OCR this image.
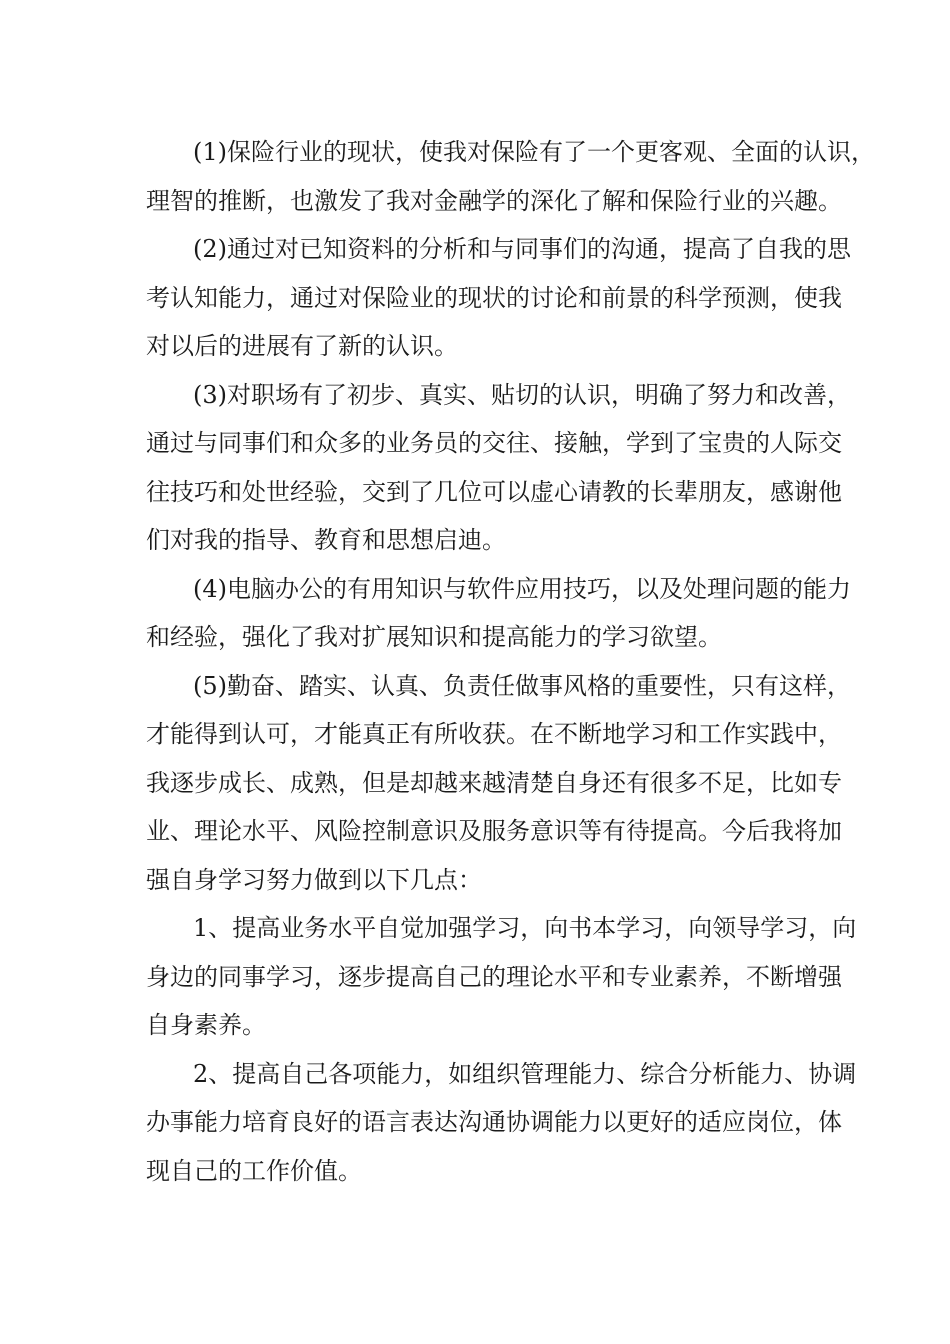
(1)保险行业的现状，使我对保险有了一个更客观、全面的认识，
理智的推断，也激发了我对金融学的深化了解和保险行业的兴趣。
(2)通过对已知资料的分析和与同事们的沟通，提高了自我的思
考认知能力，通过对保险业的现状的讨论和前景的科学预测，使我
对以后的进展有了新的认识。
(3)对职场有了初步、真实、贴切的认识，明确了努力和改善，
通过与同事们和众多的业务员的交往、接触，学到了宝贵的人际交
往技巧和处世经验，交到了几位可以虚心请教的长辈朋友，感谢他
们对我的指导、教育和思想启迪。
(4)电脑办公的有用知识与软件应用技巧，以及处理问题的能力
和经验，强化了我对扩展知识和提高能力的学习欲望。
(5)勤奋、踏实、认真、负责任做事风格的重要性，只有这样，
才能得到认可，才能真正有所收获。在不断地学习和工作实践中，
我逐步成长、成熟，但是却越来越清楚自身还有很多不足，比如专
业、理论水平、风险控制意识及服务意识等有待提高。今后我将加
强自身学习努力做到以下几点：
1、提高业务水平自觉加强学习，向书本学习，向领导学习，向
身边的同事学习，逐步提高自己的理论水平和专业素养，不断增强
自身素养。
2、提高自己各项能力，如组织管理能力、综合分析能力、协调
办事能力培育良好的语言表达沟通协调能力以更好的适应岗位，体
现自己的工作价值。
